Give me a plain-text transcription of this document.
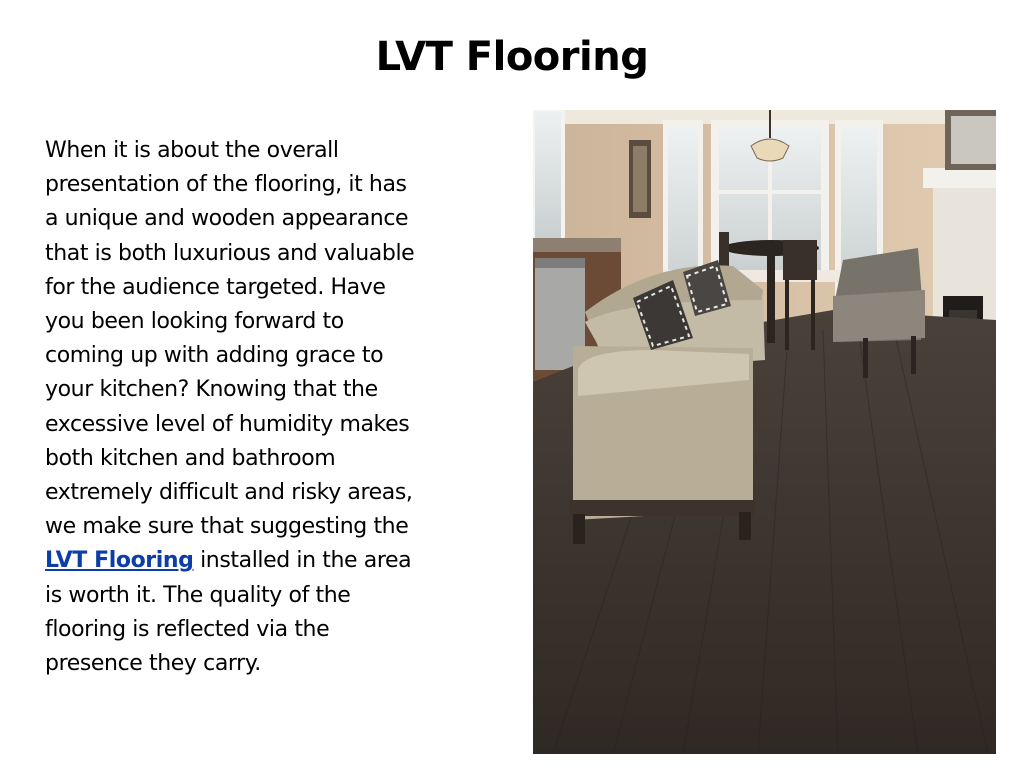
LVT Flooring
When it is about the overall presentation of the flooring, it has a unique and wooden appearance that is both luxurious and valuable for the audience targeted. Have you been looking forward to coming up with adding grace to your kitchen? Knowing that the excessive level of humidity makes both kitchen and bathroom extremely difficult and risky areas, we make sure that suggesting the LVT Flooring installed in the area is worth it. The quality of the flooring is reflected via the presence they carry.
